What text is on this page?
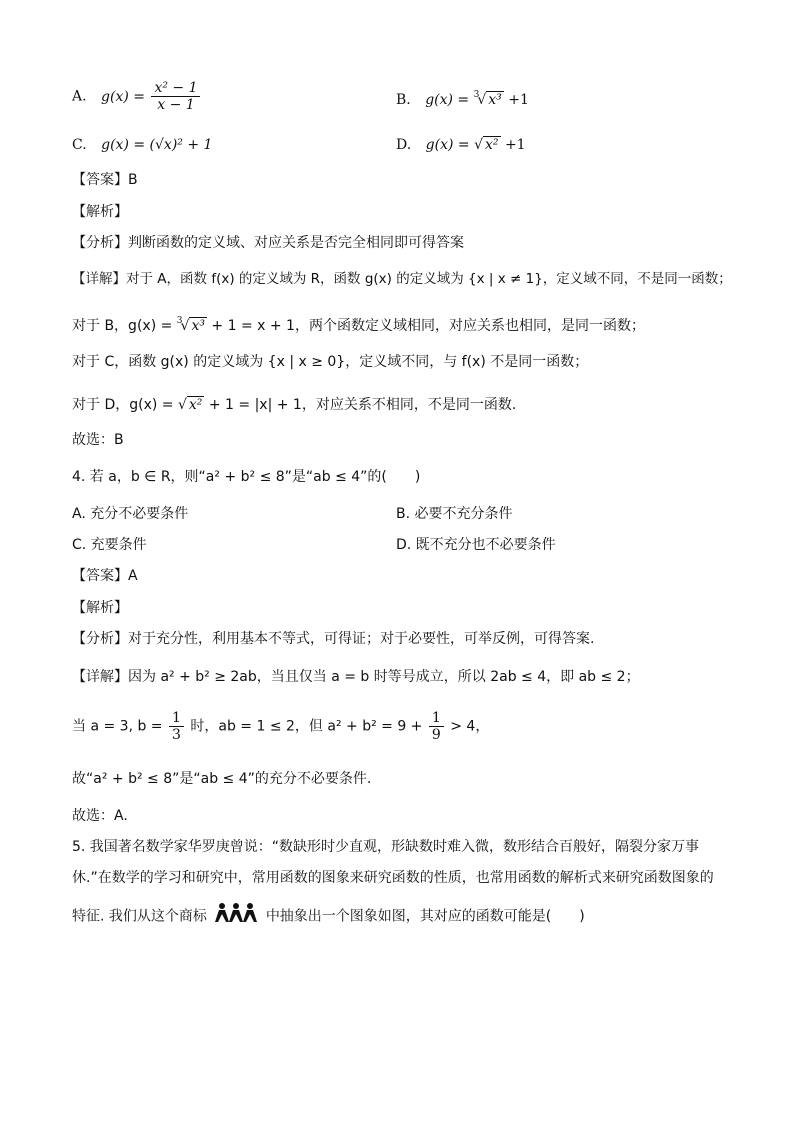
A. $g(x) = \frac{\text{x² − 1}}{x - 1}$	B. g(x) = $^3$√ x³ +1
C. g(x) = (√x)² + 1	D. g(x) = √ x² +1
【答案】B
【解析】
【分析】判断函数的定义域、对应关系是否完全相同即可得答案
【详解】对于 A，函数 f(x) 的定义域为 R，函数 g(x) 的定义域为 {x | x ≠ 1}，定义域不同，不是同一函数；
对于 B，g(x) = $^3$√ x³ + 1 = x + 1，两个函数定义域相同，对应关系也相同，是同一函数；
对于 C，函数 g(x) 的定义域为 {x | x ≥ 0}，定义域不同，与 f(x) 不是同一函数；
对于 D，g(x) = √ x² + 1 = |x| + 1，对应关系不相同，不是同一函数.
故选：B
4. 若 a，b ∈ R，则“a² + b² ≤ 8”是“ab ≤ 4”的(　　)
A. 充分不必要条件	B. 必要不充分条件
C. 充要条件	D. 既不充分也不必要条件
【答案】A
【解析】
【分析】对于充分性，利用基本不等式，可得证；对于必要性，可举反例，可得答案.
【详解】因为 a² + b² ≥ 2ab，当且仅当 a = b 时等号成立，所以 2ab ≤ 4，即 ab ≤ 2；
当 a = 3, $b = \frac{1}{3}$ 时，ab = 1 ≤ 2，但 $a^2 + b^2 = 9 + \frac{1}{9} > 4$，
故“a² + b² ≤ 8”是“ab ≤ 4”的充分不必要条件.
故选：A.
5. 我国著名数学家华罗庚曾说：“数缺形时少直观，形缺数时难入微，数形结合百般好，隔裂分家万事
休.”在数学的学习和研究中，常用函数的图象来研究函数的性质，也常用函数的解析式来研究函数图象的
特征. 我们从这个商标	中抽象出一个图象如图，其对应的函数可能是(　　)
